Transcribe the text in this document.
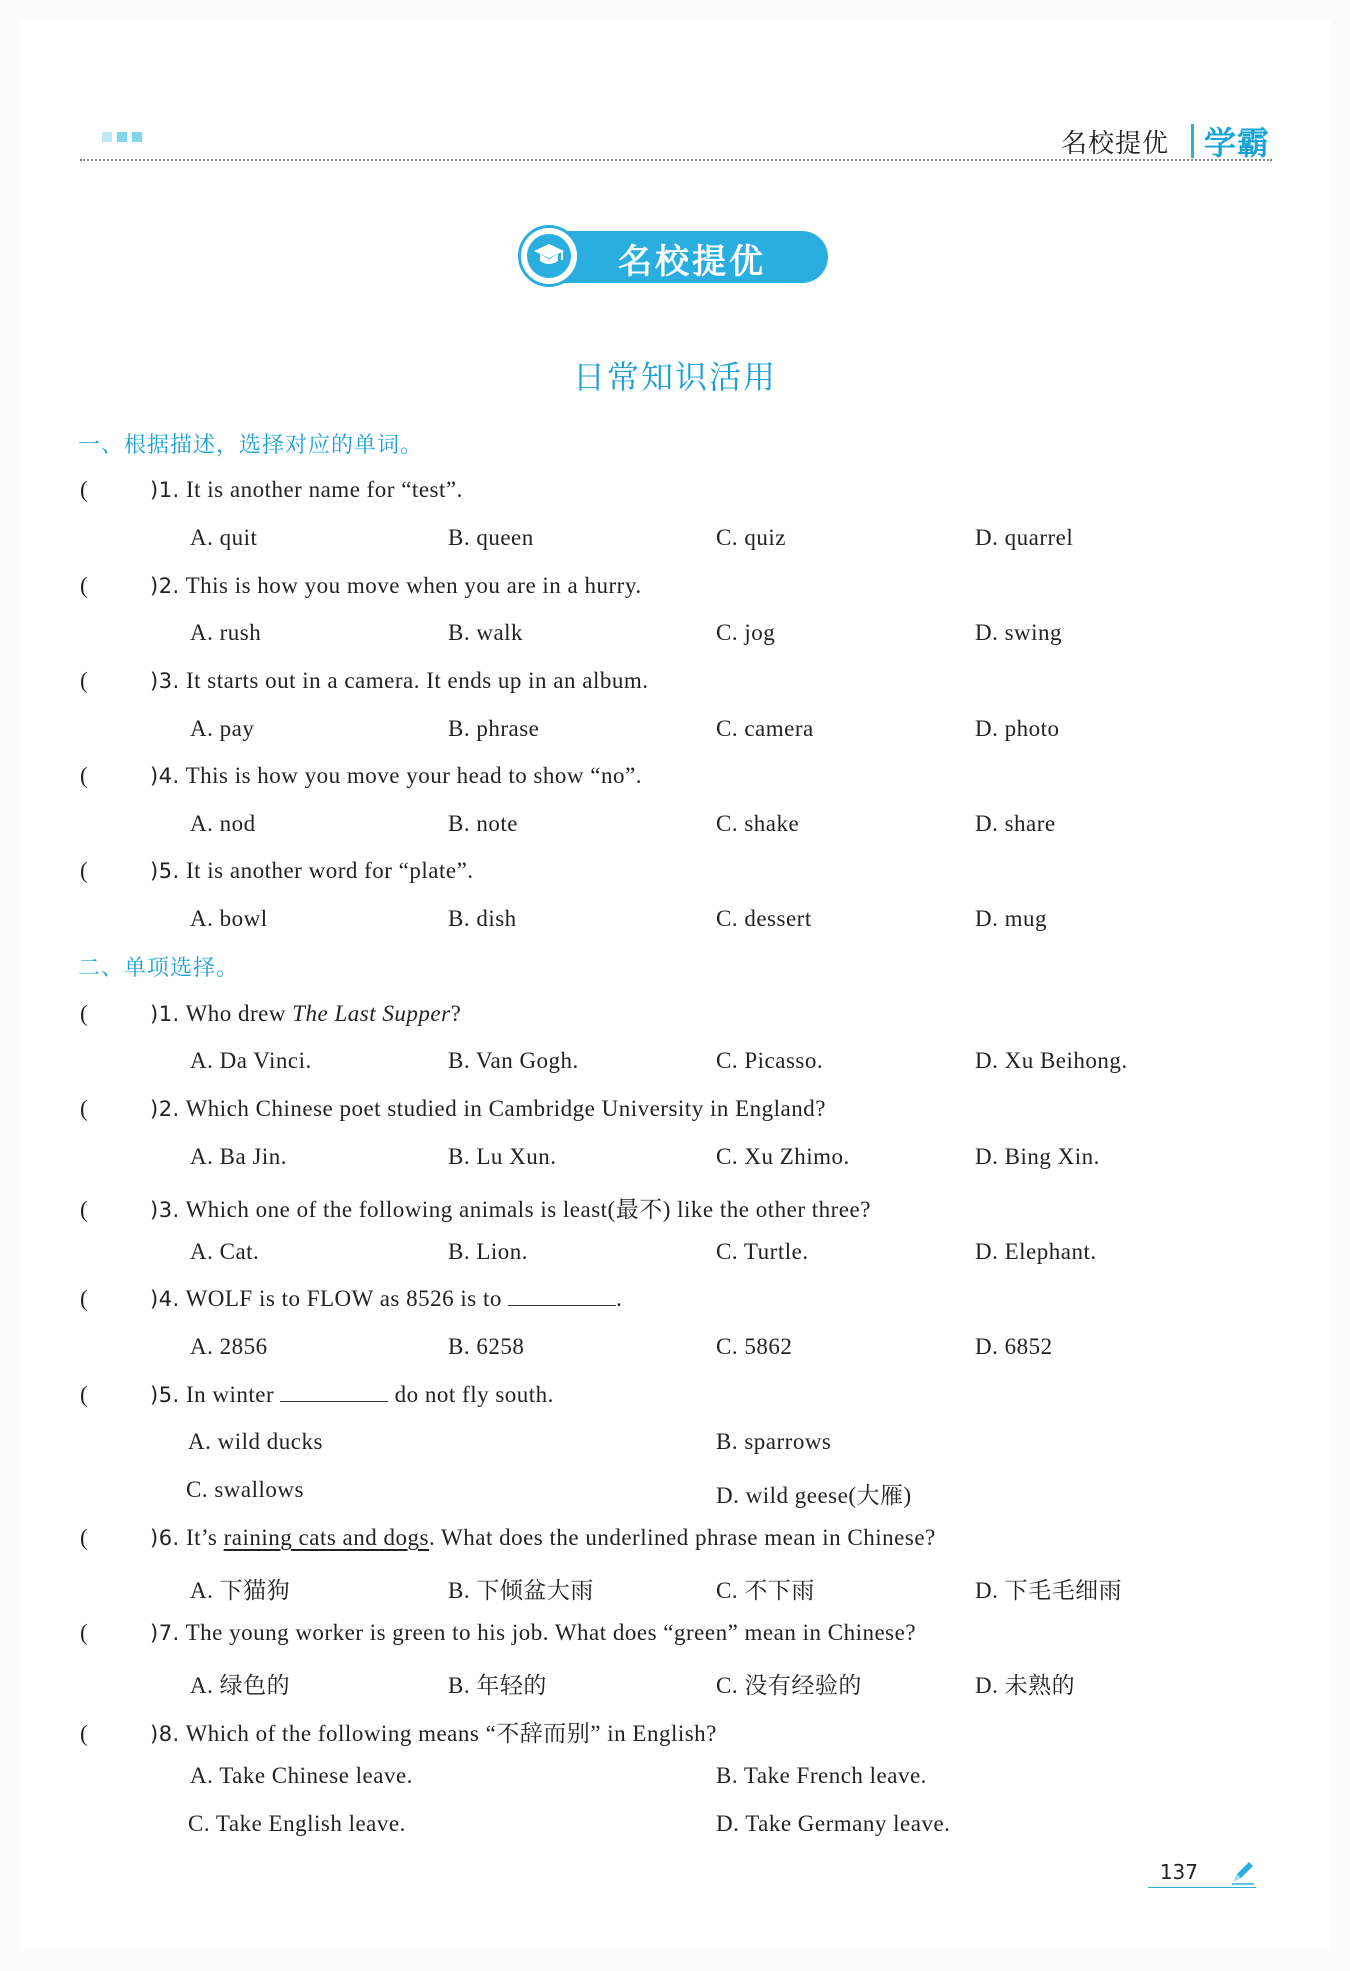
名校提优 学霸
名校提优
日常知识活用
一、根据描述，选择对应的单词。
(	)1. It is another name for “test”.
A. quit	B. queen	C. quiz	D. quarrel
(	)2. This is how you move when you are in a hurry.
A. rush	B. walk	C. jog	D. swing
(	)3. It starts out in a camera. It ends up in an album.
A. pay	B. phrase	C. camera	D. photo
(	)4. This is how you move your head to show “no”.
A. nod	B. note	C. shake	D. share
(	)5. It is another word for “plate”.
A. bowl	B. dish	C. dessert	D. mug
二、单项选择。
(	)1. Who drew The Last Supper?
A. Da Vinci.	B. Van Gogh.	C. Picasso.	D. Xu Beihong.
(	)2. Which Chinese poet studied in Cambridge University in England?
A. Ba Jin.	B. Lu Xun.	C. Xu Zhimo.	D. Bing Xin.
(	)3. Which one of the following animals is least(最不) like the other three?
A. Cat.	B. Lion.	C. Turtle.	D. Elephant.
(	)4. WOLF is to FLOW as 8526 is to	.
A. 2856	B. 6258	C. 5862	D. 6852
(	)5. In winter	do not fly south.
A. wild ducks	B. sparrows
C. swallows	D. wild geese(大雁)
(	)6. It’s raining cats and dogs. What does the underlined phrase mean in Chinese?
A. 下猫狗	B. 下倾盆大雨	C. 不下雨	D. 下毛毛细雨
(	)7. The young worker is green to his job. What does “green” mean in Chinese?
A. 绿色的	B. 年轻的	C. 没有经验的	D. 未熟的
(	)8. Which of the following means “不辞而别” in English?
A. Take Chinese leave.	B. Take French leave.
C. Take English leave.	D. Take Germany leave.
137
